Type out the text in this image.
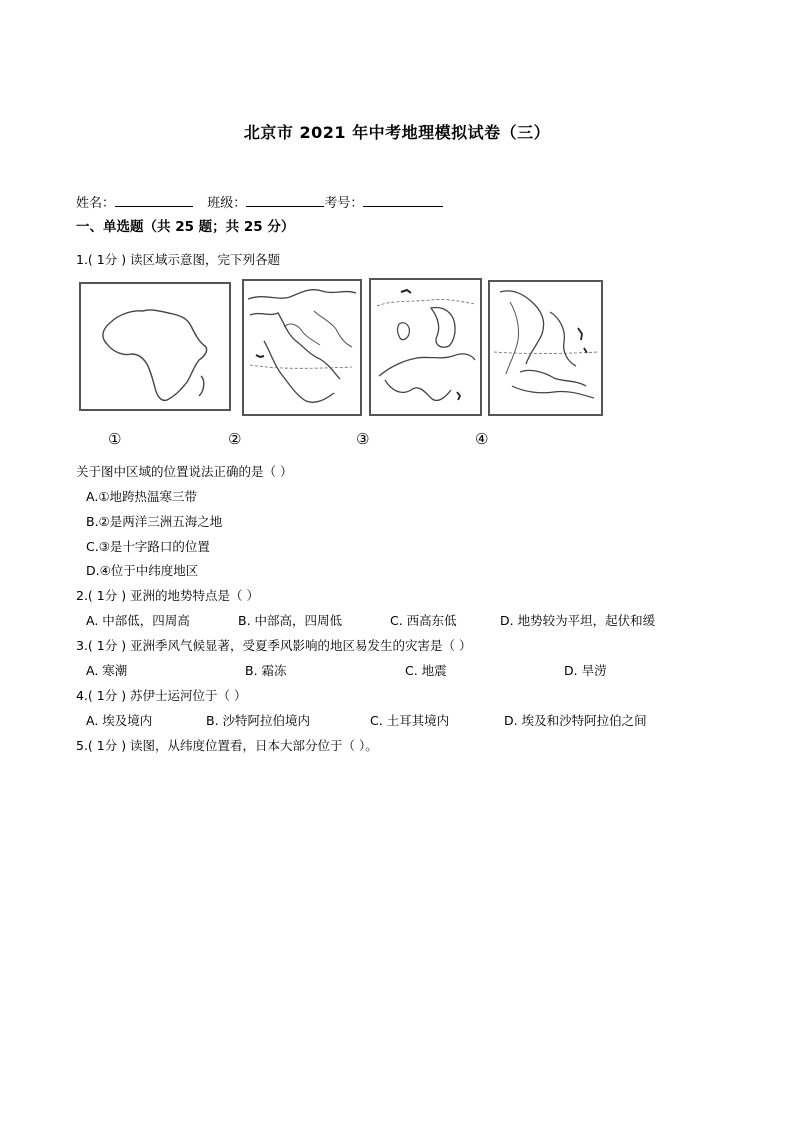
北京市 2021 年中考地理模拟试卷（三）
姓名：	班级：	考号：
一、单选题（共 25 题；共 25 分）
1.( 1分 ) 读区域示意图，完下列各题
①	②	③	④
关于图中区域的位置说法正确的是（ ）
A.①地跨热温寒三带
B.②是两洋三洲五海之地
C.③是十字路口的位置
D.④位于中纬度地区
2.( 1分 ) 亚洲的地势特点是（ ）
A. 中部低，四周高	B. 中部高，四周低	C. 西高东低	D. 地势较为平坦，起伏和缓
3.( 1分 ) 亚洲季风气候显著，受夏季风影响的地区易发生的灾害是（ ）
A. 寒潮	B. 霜冻	C. 地震	D. 旱涝
4.( 1分 ) 苏伊士运河位于（ ）
A. 埃及境内	B. 沙特阿拉伯境内	C. 土耳其境内	D. 埃及和沙特阿拉伯之间
5.( 1分 ) 读图，从纬度位置看，日本大部分位于（ ）。
